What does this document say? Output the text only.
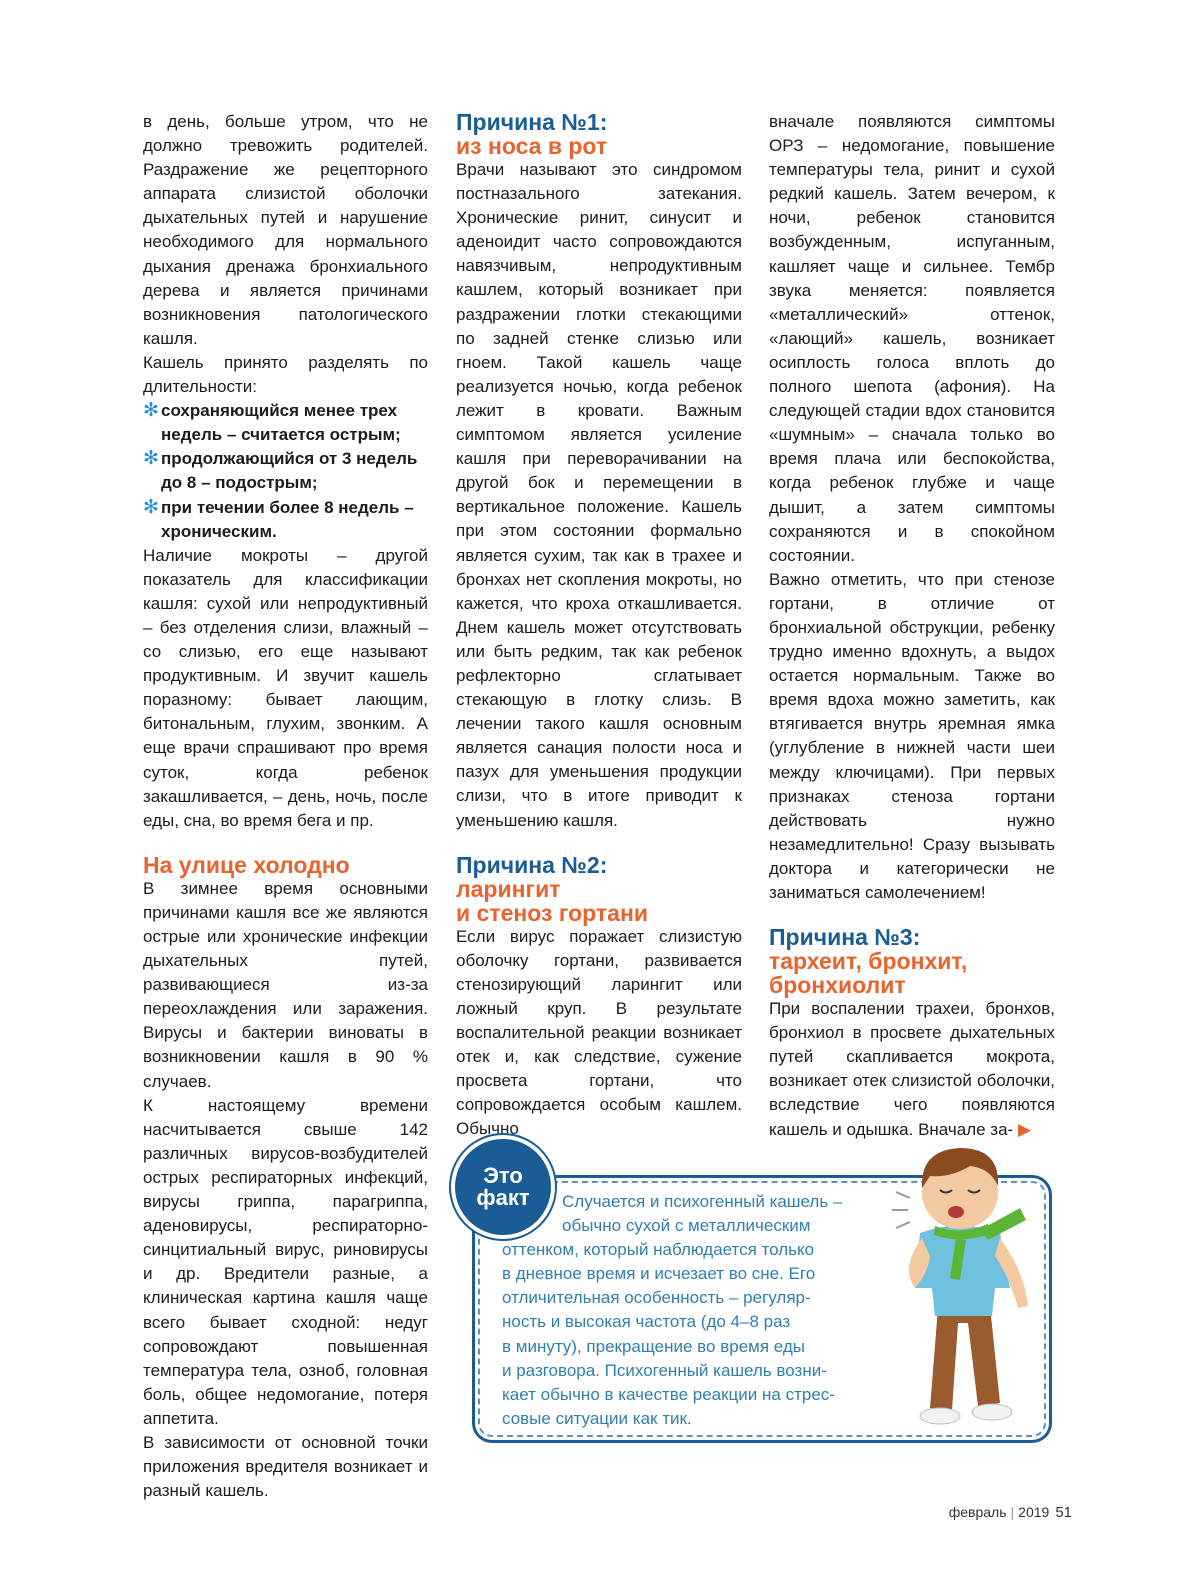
в день, больше утром, что не должно тревожить родителей. Раздражение же рецепторного аппарата слизистой оболочки дыхательных путей и нарушение необходимого для нормального дыхания дренажа бронхиального дерева и является причинами возникновения патологического кашля.

Кашель принято разделять по длительности:

✻ сохраняющийся менее трех недель – считается острым;
✻ продолжающийся от 3 недель до 8 – подострым;
✻ при течении более 8 недель – хроническим.

Наличие мокроты – другой показатель для классификации кашля: сухой или непродуктивный – без отделения слизи, влажный – со слизью, его еще называют продуктивным. И звучит кашель поразному: бывает лающим, битональным, глухим, звонким. А еще врачи спрашивают про время суток, когда ребенок закашливается, – день, ночь, после еды, сна, во время бега и пр.

На улице холодно

В зимнее время основными причинами кашля все же являются острые или хронические инфекции дыхательных путей, развивающиеся из-за переохлаждения или заражения. Вирусы и бактерии виноваты в возникновении кашля в 90 % случаев.

К настоящему времени насчитывается свыше 142 различных вирусов-возбудителей острых респираторных инфекций, вирусы гриппа, парагриппа, аденовирусы, респираторно-синцитиальный вирус, риновирусы и др. Вредители разные, а клиническая картина кашля чаще всего бывает сходной: недуг сопровождают повышенная температура тела, озноб, головная боль, общее недомогание, потеря аппетита.

В зависимости от основной точки приложения вредителя возникает и разный кашель.

Причина №1:
из носа в рот

Врачи называют это синдромом постназального затекания. Хронические ринит, синусит и аденоидит часто сопровождаются навязчивым, непродуктивным кашлем, который возникает при раздражении глотки стекающими по задней стенке слизью или гноем. Такой кашель чаще реализуется ночью, когда ребенок лежит в кровати. Важным симптомом является усиление кашля при переворачивании на другой бок и перемещении в вертикальное положение. Кашель при этом состоянии формально является сухим, так как в трахее и бронхах нет скопления мокроты, но кажется, что кроха откашливается. Днем кашель может отсутствовать или быть редким, так как ребенок рефлекторно сглатывает стекающую в глотку слизь. В лечении такого кашля основным является санация полости носа и пазух для уменьшения продукции слизи, что в итоге приводит к уменьшению кашля.

Причина №2:
ларингит
и стеноз гортани

Если вирус поражает слизистую оболочку гортани, развивается стенозирующий ларингит или ложный круп. В результате воспалительной реакции возникает отек и, как следствие, сужение просвета гортани, что сопровождается особым кашлем. Обычно

вначале появляются симптомы ОРЗ – недомогание, повышение температуры тела, ринит и сухой редкий кашель. Затем вечером, к ночи, ребенок становится возбужденным, испуганным, кашляет чаще и сильнее. Тембр звука меняется: появляется «металлический» оттенок, «лающий» кашель, возникает осиплость голоса вплоть до полного шепота (афония). На следующей стадии вдох становится «шумным» – сначала только во время плача или беспокойства, когда ребенок глубже и чаще дышит, а затем симптомы сохраняются и в спокойном состоянии.

Важно отметить, что при стенозе гортани, в отличие от бронхиальной обструкции, ребенку трудно именно вдохнуть, а выдох остается нормальным. Также во время вдоха можно заметить, как втягивается внутрь яремная ямка (углубление в нижней части шеи между ключицами). При первых признаках стеноза гортани действовать нужно незамедлительно! Сразу вызывать доктора и категорически не заниматься самолечением!

Причина №3:
тархеит, бронхит,
бронхиолит

При воспалении трахеи, бронхов, бронхиол в просвете дыхательных путей скапливается мокрота, возникает отек слизистой оболочки, вследствие чего появляются кашель и одышка. Вначале за- ▶

Это
факт	Случается и психогенный кашель –
обычно сухой с металлическим
оттенком, который наблюдается только
в дневное время и исчезает во сне. Его
отличительная особенность – регуляр-
ность и высокая частота (до 4–8 раз
в минуту), прекращение во время еды
и разговора. Психогенный кашель возни-
кает обычно в качестве реакции на стрес-
совые ситуации как тик.
февраль | 2019 51
